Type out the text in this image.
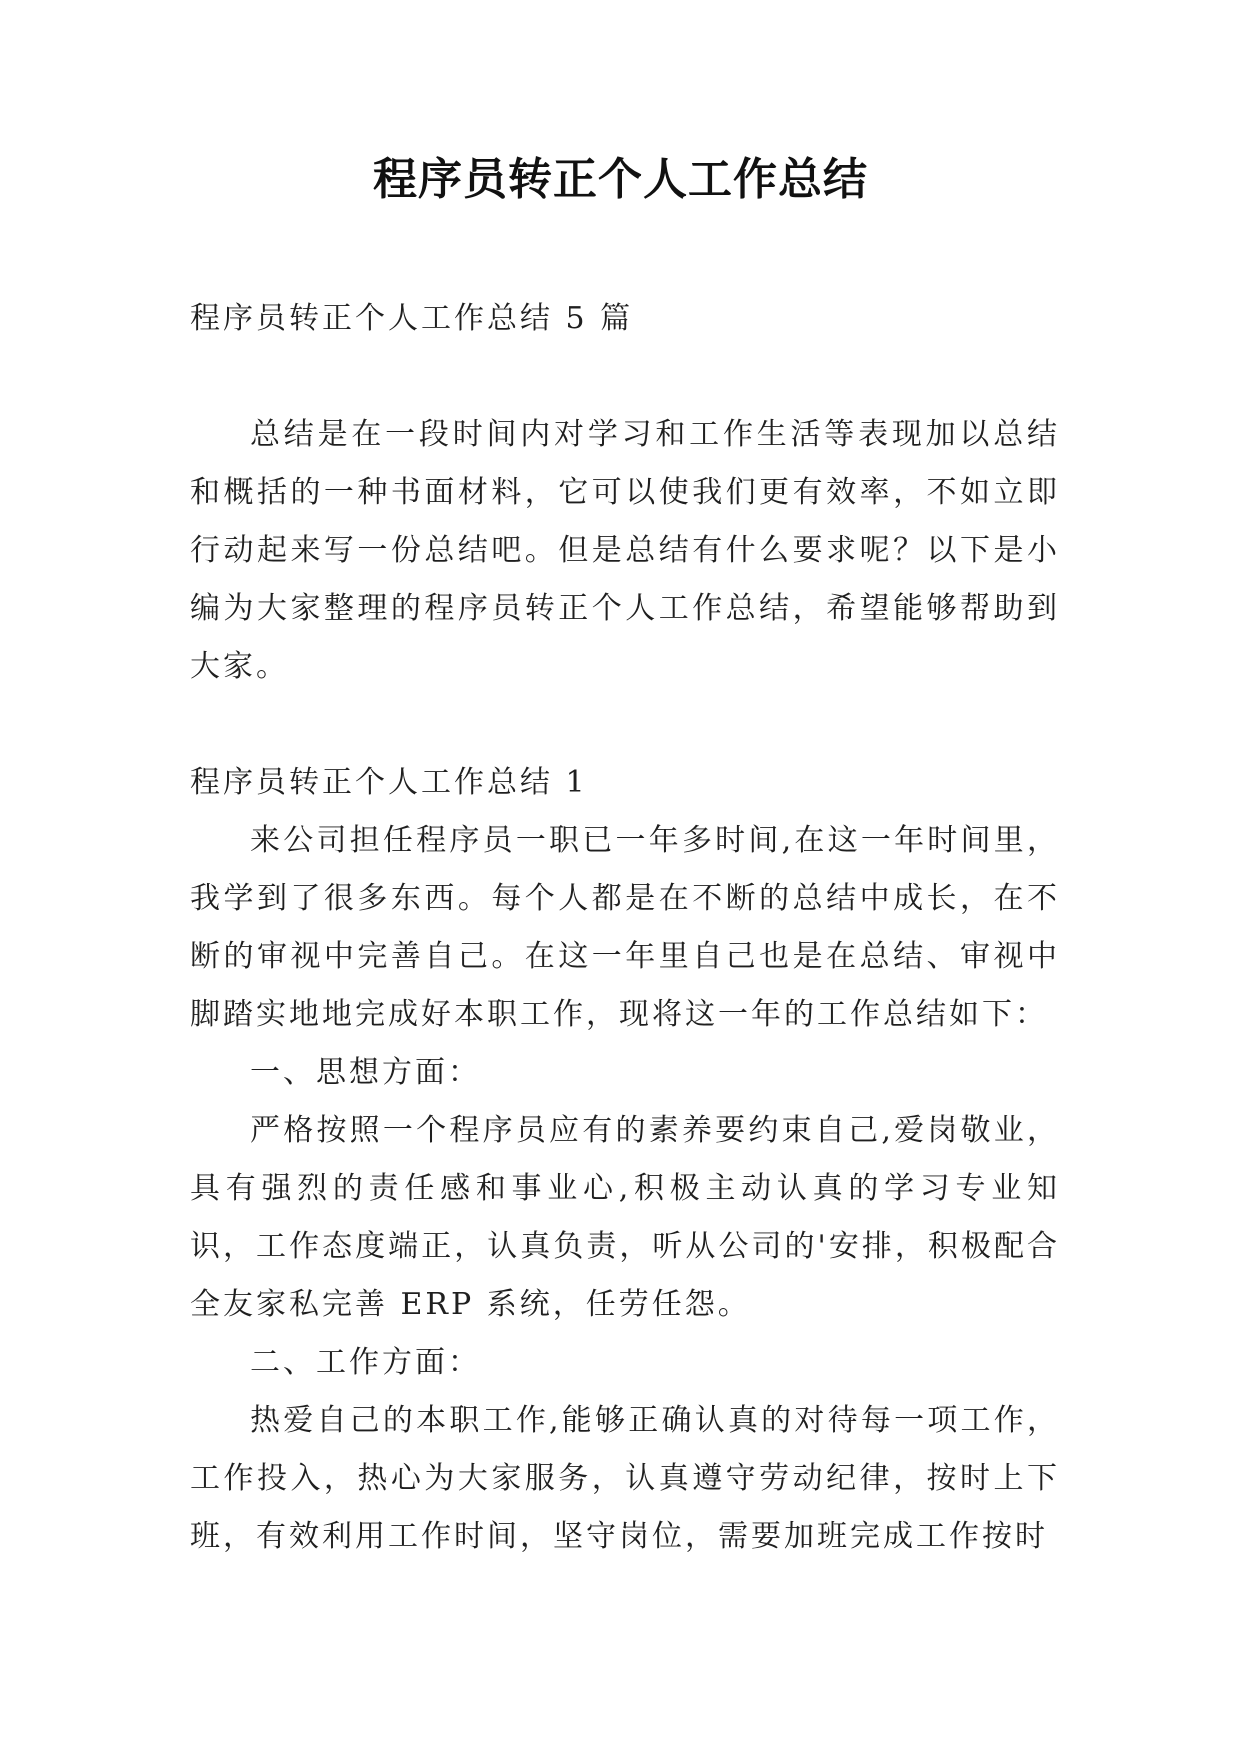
程序员转正个人工作总结

程序员转正个人工作总结 5 篇

总结是在一段时间内对学习和工作生活等表现加以总结和概括的一种书面材料，它可以使我们更有效率，不如立即行动起来写一份总结吧。但是总结有什么要求呢？以下是小编为大家整理的程序员转正个人工作总结，希望能够帮助到大家。

程序员转正个人工作总结 1

来公司担任程序员一职已一年多时间,在这一年时间里，我学到了很多东西。每个人都是在不断的总结中成长，在不断的审视中完善自己。在这一年里自己也是在总结、审视中脚踏实地地完成好本职工作，现将这一年的工作总结如下：

一、思想方面：

严格按照一个程序员应有的素养要约束自己,爱岗敬业，具有强烈的责任感和事业心,积极主动认真的学习专业知识，工作态度端正，认真负责，听从公司的'安排，积极配合全友家私完善 ERP 系统，任劳任怨。

二、工作方面：

热爱自己的本职工作,能够正确认真的对待每一项工作，工作投入，热心为大家服务，认真遵守劳动纪律，按时上下班，有效利用工作时间，坚守岗位，需要加班完成工作按时
